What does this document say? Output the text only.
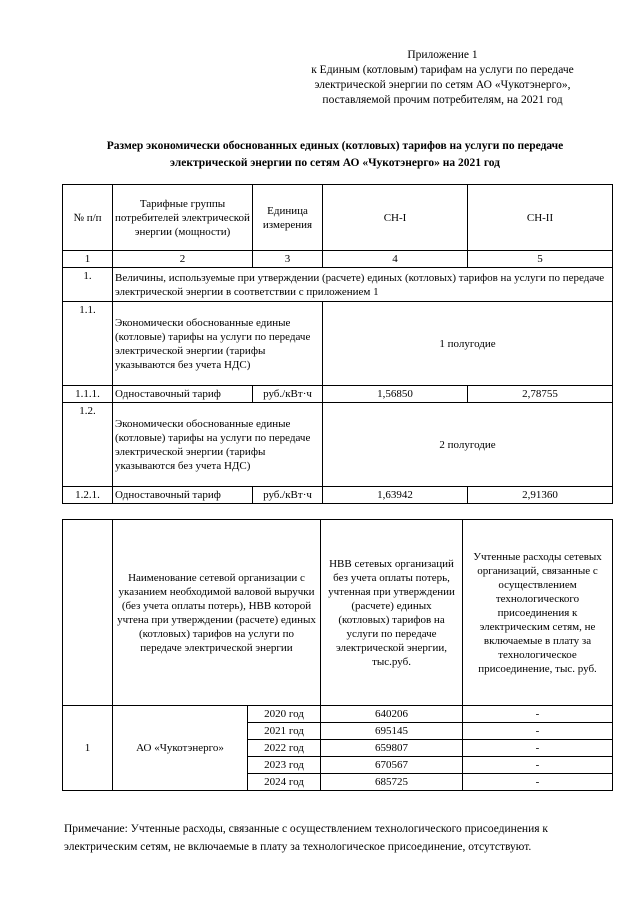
Приложение 1
к Единым (котловым) тарифам на услуги по передаче
электрической энергии по сетям АО «Чукотэнерго»,
поставляемой прочим потребителям, на 2021 год
Размер экономически обоснованных единых (котловых) тарифов на услуги по передаче
электрической энергии по сетям АО «Чукотэнерго» на 2021 год
№ п/п	Тарифные группы потребителей электрической энергии (мощности)	Единица измерения	СН-I	СН-II
1	2	3	4	5
1.	Величины, используемые при утверждении (расчете) единых (котловых) тарифов на услуги по передаче электрической энергии в соответствии с приложением 1			
1.1.	Экономически обоснованные единые (котловые) тарифы на услуги по передаче электрической энергии (тарифы указываются без учета НДС)		1 полугодие	
1.1.1.	Одноставочный тариф	руб./кВт·ч	1,56850	2,78755
1.2.	Экономически обоснованные единые (котловые) тарифы на услуги по передаче электрической энергии (тарифы указываются без учета НДС)		2 полугодие	
1.2.1.	Одноставочный тариф	руб./кВт·ч	1,63942	2,91360
	Наименование сетевой организации с указанием необходимой валовой выручки (без учета оплаты потерь), НВВ которой учтена при утверждении (расчете) единых (котловых) тарифов на услуги по передаче электрической энергии		НВВ сетевых организаций без учета оплаты потерь, учтенная при утверждении (расчете) единых (котловых) тарифов на услуги по передаче электрической энергии, тыс.руб.	Учтенные расходы сетевых организаций, связанные с осуществлением технологического присоединения к электрическим сетям, не включаемые в плату за технологическое присоединение, тыс. руб.
1	АО «Чукотэнерго»	2020 год	640206	-
		2021 год	695145	-
		2022 год	659807	-
		2023 год	670567	-
		2024 год	685725	-
Примечание: Учтенные расходы, связанные с осуществлением технологического присоединения к электрическим сетям, не включаемые в плату за технологическое присоединение, отсутствуют.
